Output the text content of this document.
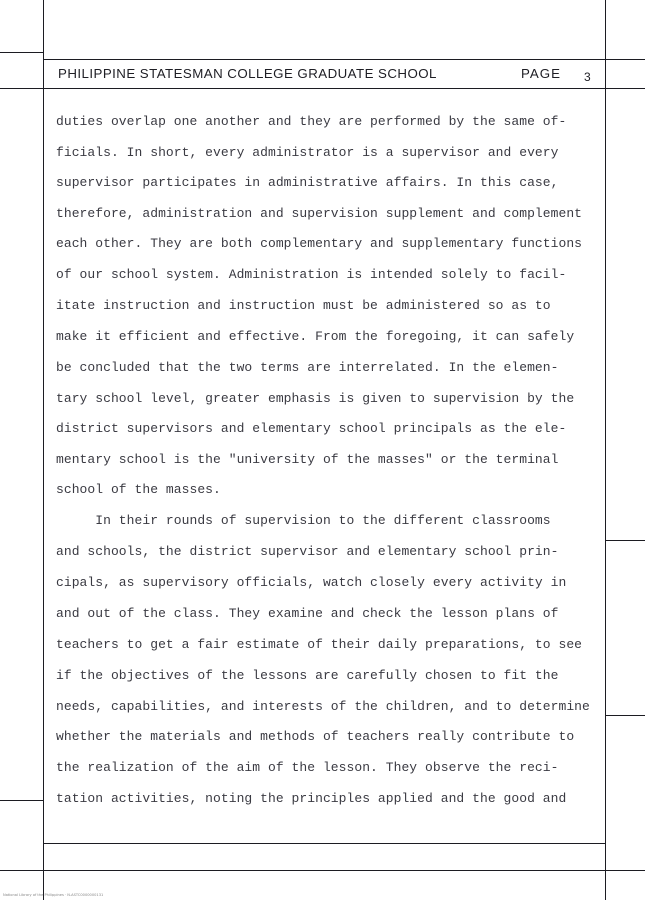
PHILIPPINE STATESMAN COLLEGE GRADUATE SCHOOL	PAGE 3
duties overlap one another and they are performed by the same of-
ficials. In short, every administrator is a supervisor and every
supervisor participates in administrative affairs. In this case,
therefore, administration and supervision supplement and complement
each other. They are both complementary and supplementary functions
of our school system. Administration is intended solely to facil-
itate instruction and instruction must be administered so as to
make it efficient and effective. From the foregoing, it can safely
be concluded that the two terms are interrelated. In the elemen-
tary school level, greater emphasis is given to supervision by the
district supervisors and elementary school principals as the ele-
mentary school is the "university of the masses" or the terminal
school of the masses.
In their rounds of supervision to the different classrooms
and schools, the district supervisor and elementary school prin-
cipals, as supervisory officials, watch closely every activity in
and out of the class. They examine and check the lesson plans of
teachers to get a fair estimate of their daily preparations, to see
if the objectives of the lessons are carefully chosen to fit the
needs, capabilities, and interests of the children, and to determine
whether the materials and methods of teachers really contribute to
the realization of the aim of the lesson. They observe the reci-
tation activities, noting the principles applied and the good and
National Library of the Philippines · N-ASTC0000000131
